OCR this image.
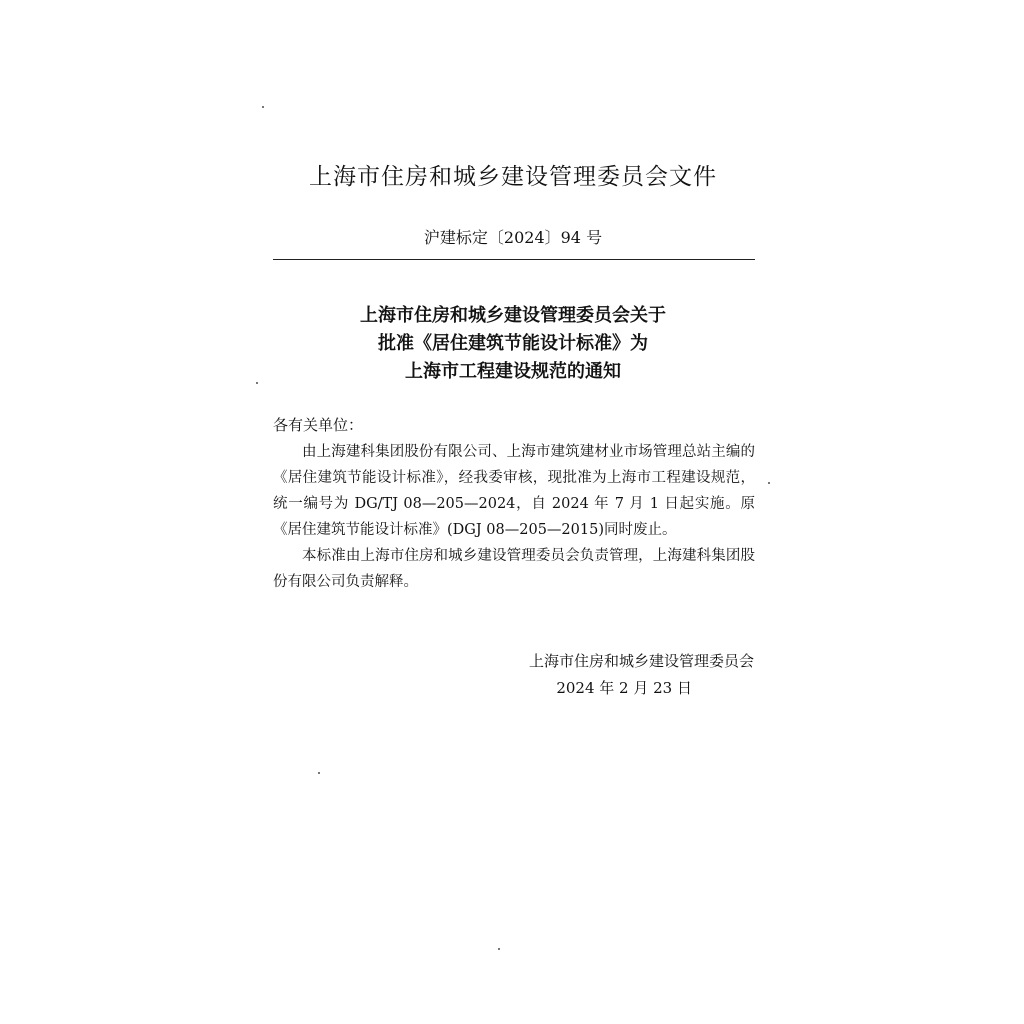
上海市住房和城乡建设管理委员会文件
沪建标定〔2024〕94 号
上海市住房和城乡建设管理委员会关于
批准《居住建筑节能设计标准》为
上海市工程建设规范的通知
各有关单位：

由上海建科集团股份有限公司、上海市建筑建材业市场管理总站主编的《居住建筑节能设计标准》，经我委审核，现批准为上海市工程建设规范，统一编号为 DG/TJ 08—205—2024，自 2024 年 7 月 1 日起实施。原《居住建筑节能设计标准》(DGJ 08—205—2015)同时废止。

本标准由上海市住房和城乡建设管理委员会负责管理，上海建科集团股份有限公司负责解释。

上海市住房和城乡建设管理委员会
2024 年 2 月 23 日
